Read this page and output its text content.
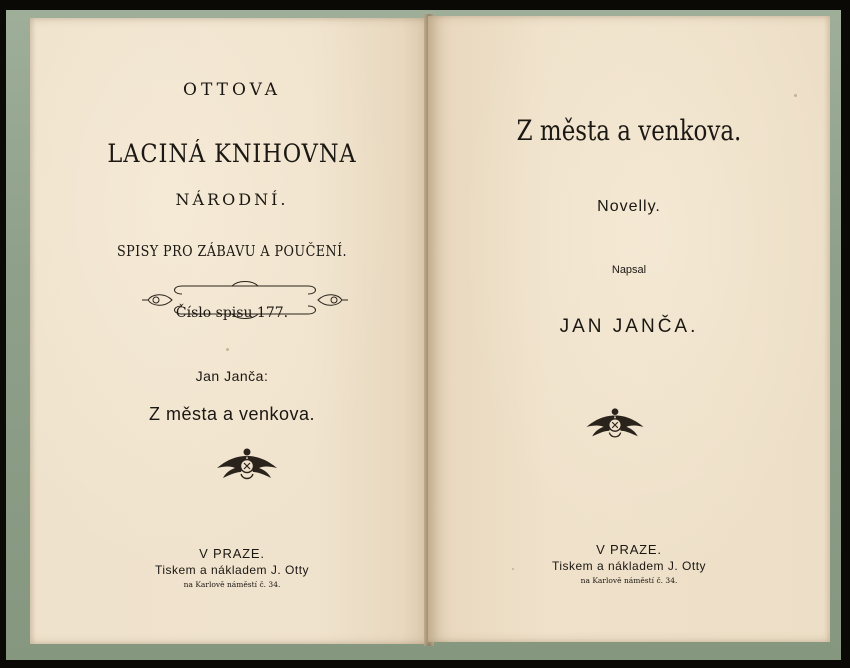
OTTOVA
LACINÁ KNIHOVNA
NÁRODNÍ.
SPISY PRO ZÁBAVU A POUČENÍ.
Číslo spisu 177.
Jan Janča:
Z města a venkova.
V PRAZE.
Tiskem a nákladem J. Otty
na Karlově náměstí č. 34.
Z města a venkova.
Novelly.
Napsal
JAN JANČA.
V PRAZE.
Tiskem a nákladem J. Otty
na Karlově náměstí č. 34.
